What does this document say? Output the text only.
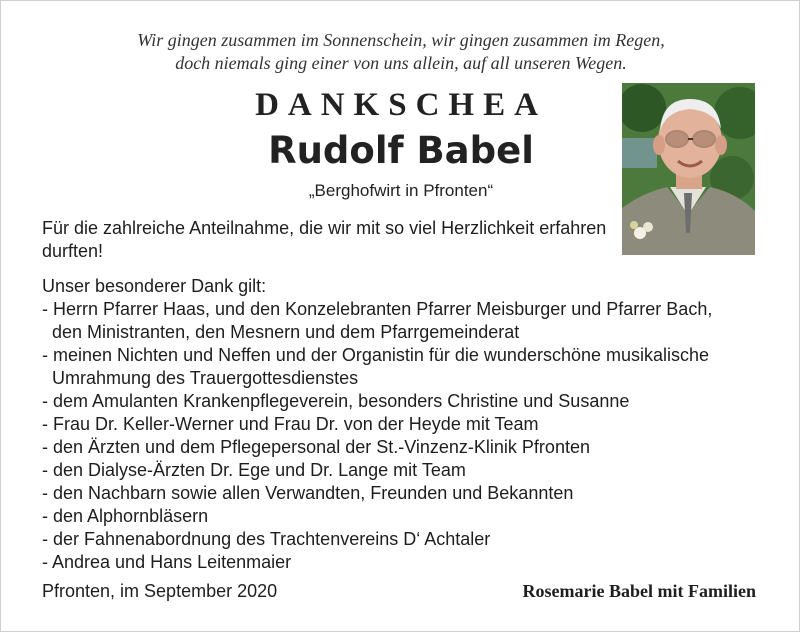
Wir gingen zusammen im Sonnenschein, wir gingen zusammen im Regen,
doch niemals ging einer von uns allein, auf all unseren Wegen.
DANKSCHEA
Rudolf Babel
„Berghofwirt in Pfronten“
Für die zahlreiche Anteilnahme, die wir mit so viel Herzlichkeit erfahren durften!
Unser besonderer Dank gilt:
- Herrn Pfarrer Haas, und den Konzelebranten Pfarrer Meisburger und Pfarrer Bach,
den Ministranten, den Mesnern und dem Pfarrgemeinderat
- meinen Nichten und Neffen und der Organistin für die wunderschöne musikalische
Umrahmung des Trauergottesdienstes
- dem Amulanten Krankenpflegeverein, besonders Christine und Susanne
- Frau Dr. Keller-Werner und Frau Dr. von der Heyde mit Team
- den Ärzten und dem Pflegepersonal der St.-Vinzenz-Klinik Pfronten
- den Dialyse-Ärzten Dr. Ege und Dr. Lange mit Team
- den Nachbarn sowie allen Verwandten, Freunden und Bekannten
- den Alphornbläsern
- der Fahnenabordnung des Trachtenvereins D‘ Achtaler
- Andrea und Hans Leitenmaier
Pfronten, im September 2020	Rosemarie Babel mit Familien
